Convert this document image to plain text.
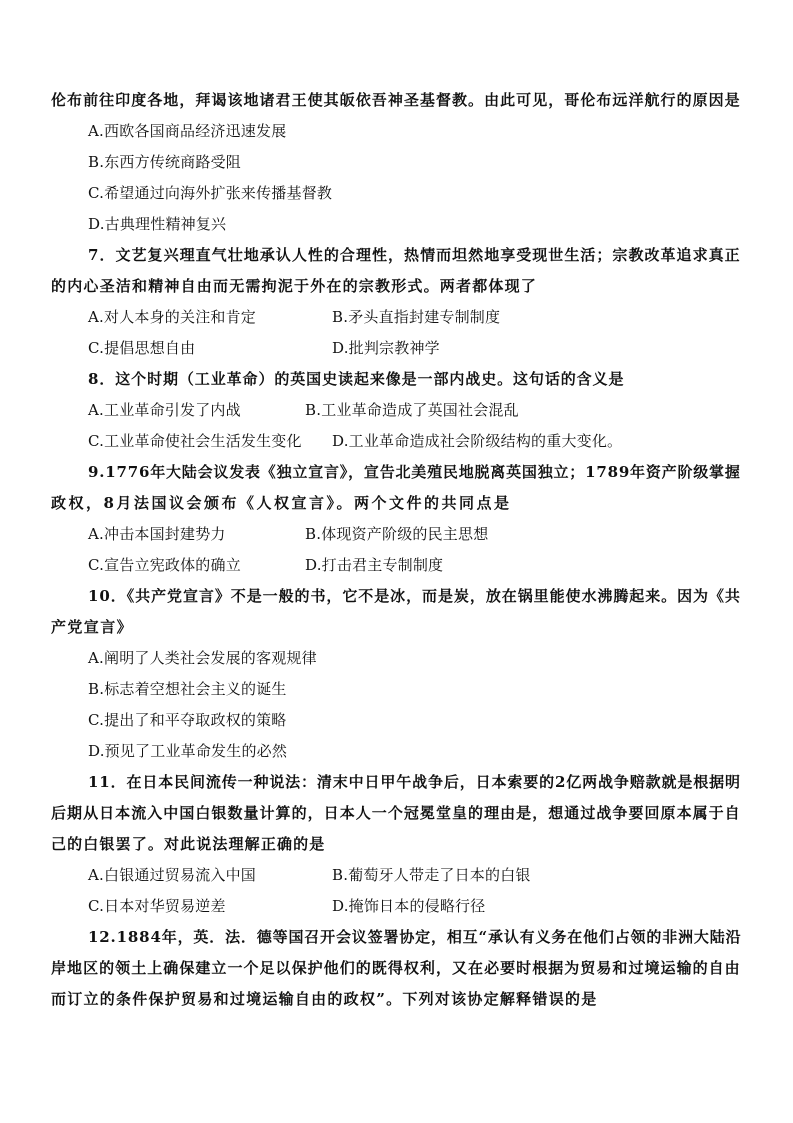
伦布前往印度各地，拜谒该地诸君王使其皈依吾神圣基督教。由此可见，哥伦布远洋航行的原因是
A.西欧各国商品经济迅速发展
B.东西方传统商路受阻
C.希望通过向海外扩张来传播基督教
D.古典理性精神复兴
7．文艺复兴理直气壮地承认人性的合理性，热情而坦然地享受现世生活；宗教改革追求真正
的内心圣洁和精神自由而无需拘泥于外在的宗教形式。两者都体现了
A.对人本身的关注和肯定	B.矛头直指封建专制制度
C.提倡思想自由	D.批判宗教神学
8．这个时期（工业革命）的英国史读起来像是一部内战史。这句话的含义是
A.工业革命引发了内战	B.工业革命造成了英国社会混乱
C.工业革命使社会生活发生变化 D.工业革命造成社会阶级结构的重大变化。
9.1776年大陆会议发表《独立宣言》，宣告北美殖民地脱离英国独立；1789年资产阶级掌握
政权，8月法国议会颁布《人权宣言》。两个文件的共同点是
A.冲击本国封建势力	B.体现资产阶级的民主思想
C.宣告立宪政体的确立	D.打击君主专制制度
10．《共产党宣言》不是一般的书，它不是冰，而是炭，放在锅里能使水沸腾起来。因为《共
产党宣言》
A.阐明了人类社会发展的客观规律
B.标志着空想社会主义的诞生
C.提出了和平夺取政权的策略
D.预见了工业革命发生的必然
11．在日本民间流传一种说法：清末中日甲午战争后，日本索要的2亿两战争赔款就是根据明
后期从日本流入中国白银数量计算的，日本人一个冠冕堂皇的理由是，想通过战争要回原本属于自
己的白银罢了。对此说法理解正确的是
A.白银通过贸易流入中国	B.葡萄牙人带走了日本的白银
C.日本对华贸易逆差	D.掩饰日本的侵略行径
12.1884年，英．法．德等国召开会议签署协定，相互“承认有义务在他们占领的非洲大陆沿
岸地区的领土上确保建立一个足以保护他们的既得权利，又在必要时根据为贸易和过境运输的自由
而订立的条件保护贸易和过境运输自由的政权”。下列对该协定解释错误的是
